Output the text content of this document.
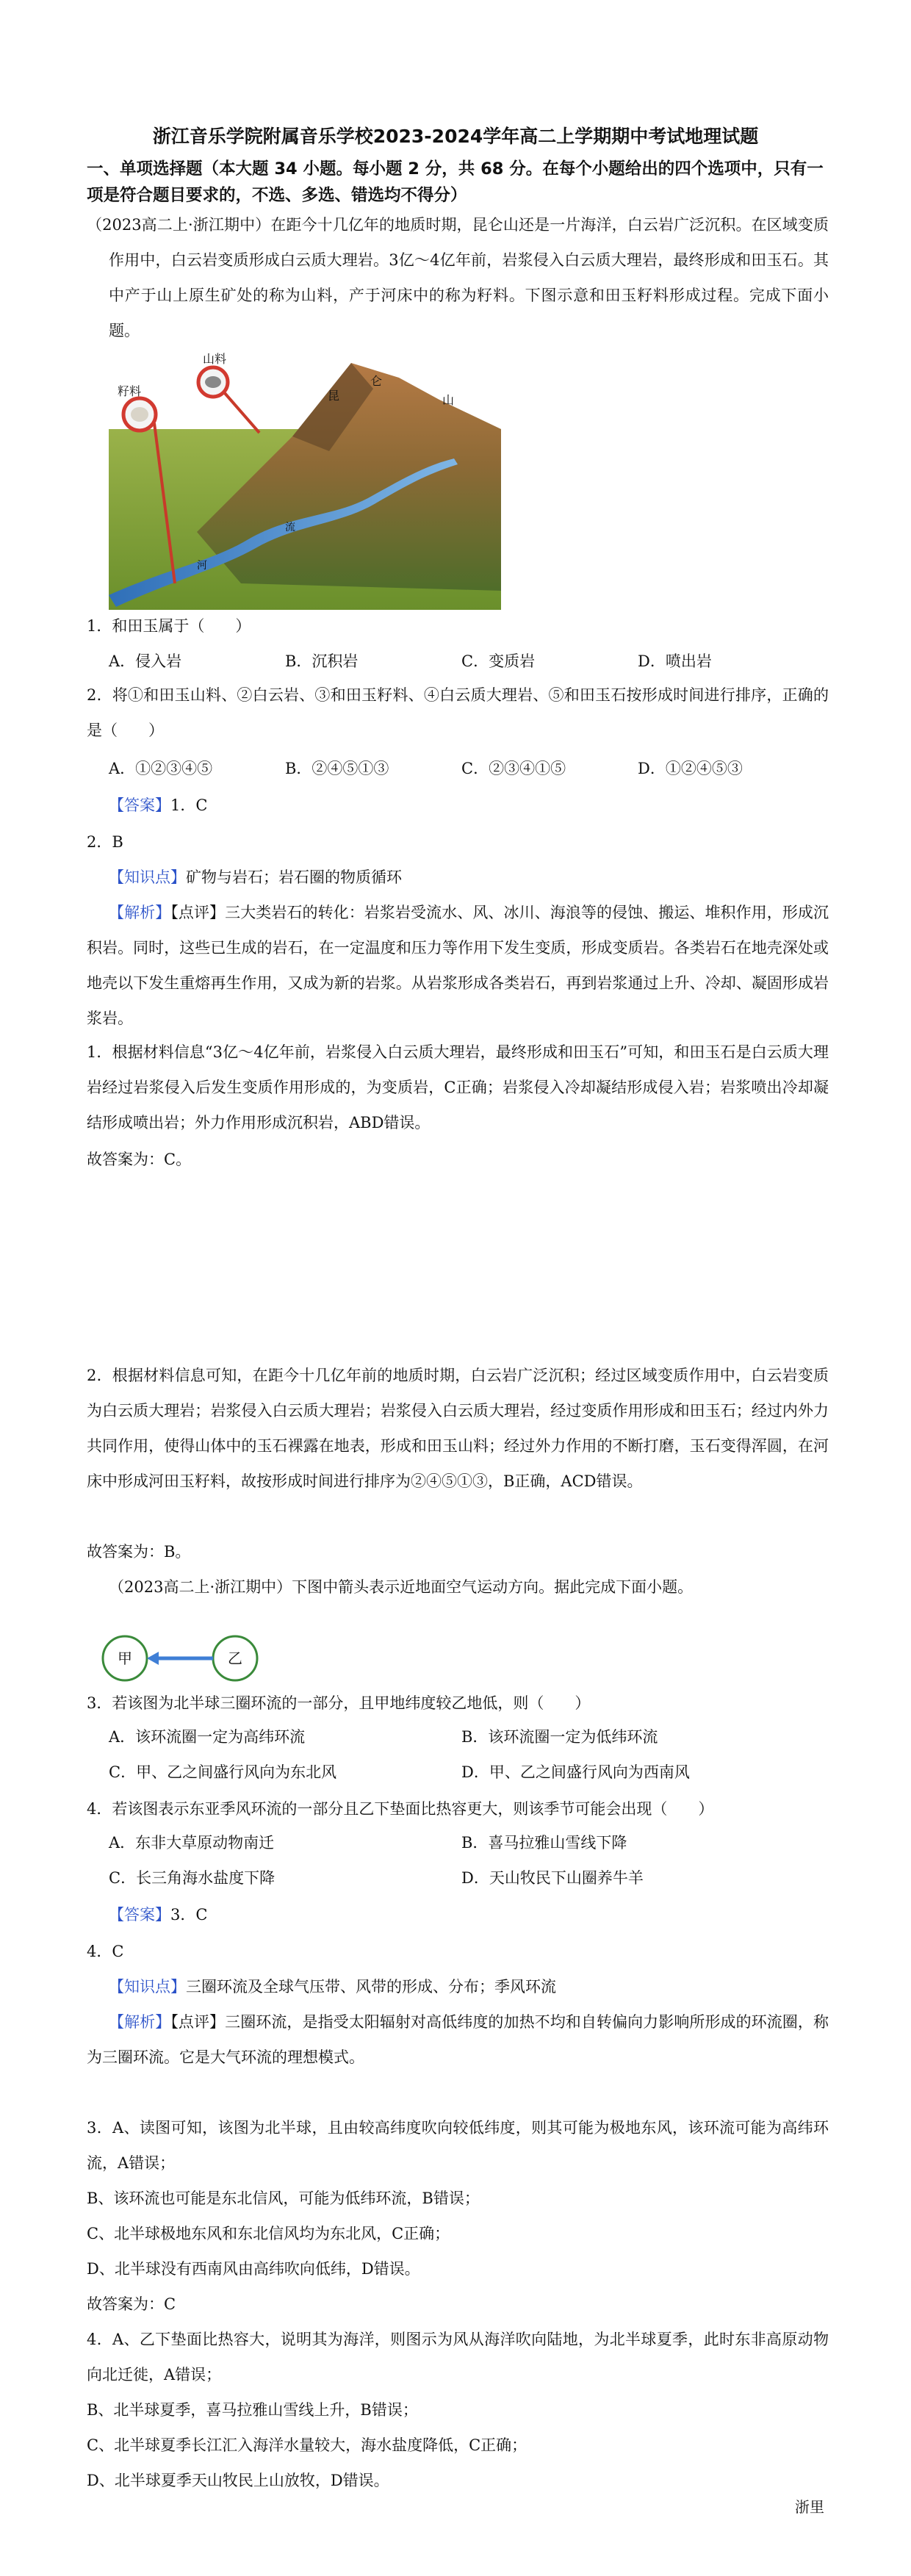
浙江音乐学院附属音乐学校2023-2024学年高二上学期期中考试地理试题
一、单项选择题（本大题 34 小题。每小题 2 分，共 68 分。在每个小题给出的四个选项中，只有一项是符合题目要求的，不选、多选、错选均不得分）
（2023高二上·浙江期中）在距今十几亿年的地质时期，昆仑山还是一片海洋，白云岩广泛沉积。在区域变质作用中，白云岩变质形成白云质大理岩。3亿～4亿年前，岩浆侵入白云质大理岩，最终形成和田玉石。其中产于山上原生矿处的称为山料，产于河床中的称为籽料。下图示意和田玉籽料形成过程。完成下面小题。
山料
籽料	昆
仑
山
流
河
1．和田玉属于（　　）
A．侵入岩	B．沉积岩	C．变质岩	D．喷出岩
2．将①和田玉山料、②白云岩、③和田玉籽料、④白云质大理岩、⑤和田玉石按形成时间进行排序，正确的是（　　）
A．①②③④⑤	B．②④⑤①③	C．②③④①⑤	D．①②④⑤③
【答案】1．C
2．B
【知识点】矿物与岩石；岩石圈的物质循环
【解析】【点评】三大类岩石的转化：岩浆岩受流水、风、冰川、海浪等的侵蚀、搬运、堆积作用，形成沉积岩。同时，这些已生成的岩石，在一定温度和压力等作用下发生变质，形成变质岩。各类岩石在地壳深处或地壳以下发生重熔再生作用，又成为新的岩浆。从岩浆形成各类岩石，再到岩浆通过上升、冷却、凝固形成岩浆岩。
1．根据材料信息“3亿～4亿年前，岩浆侵入白云质大理岩，最终形成和田玉石”可知，和田玉石是白云质大理岩经过岩浆侵入后发生变质作用形成的，为变质岩，C正确；岩浆侵入冷却凝结形成侵入岩；岩浆喷出冷却凝结形成喷出岩；外力作用形成沉积岩，ABD错误。
故答案为：C。
2．根据材料信息可知，在距今十几亿年前的地质时期，白云岩广泛沉积；经过区域变质作用中，白云岩变质为白云质大理岩；岩浆侵入白云质大理岩；岩浆侵入白云质大理岩，经过变质作用形成和田玉石；经过内外力共同作用，使得山体中的玉石裸露在地表，形成和田玉山料；经过外力作用的不断打磨，玉石变得浑圆，在河床中形成河田玉籽料，故按形成时间进行排序为②④⑤①③，B正确，ACD错误。
故答案为：B。
（2023高二上·浙江期中）下图中箭头表示近地面空气运动方向。据此完成下面小题。
甲	乙
3．若该图为北半球三圈环流的一部分，且甲地纬度较乙地低，则（　　）
A．该环流圈一定为高纬环流	B．该环流圈一定为低纬环流
C．甲、乙之间盛行风向为东北风	D．甲、乙之间盛行风向为西南风
4．若该图表示东亚季风环流的一部分且乙下垫面比热容更大，则该季节可能会出现（　　）
A．东非大草原动物南迁	B．喜马拉雅山雪线下降
C．长三角海水盐度下降	D．天山牧民下山圈养牛羊
【答案】3．C
4．C
【知识点】三圈环流及全球气压带、风带的形成、分布；季风环流
【解析】【点评】三圈环流，是指受太阳辐射对高低纬度的加热不均和自转偏向力影响所形成的环流圈，称为三圈环流。它是大气环流的理想模式。
3．A、读图可知，该图为北半球，且由较高纬度吹向较低纬度，则其可能为极地东风，该环流可能为高纬环流，A错误；
B、该环流也可能是东北信风，可能为低纬环流，B错误；
C、北半球极地东风和东北信风均为东北风，C正确；
D、北半球没有西南风由高纬吹向低纬，D错误。
故答案为：C
4．A、乙下垫面比热容大，说明其为海洋，则图示为风从海洋吹向陆地，为北半球夏季，此时东非高原动物向北迁徙，A错误；
B、北半球夏季，喜马拉雅山雪线上升，B错误；
C、北半球夏季长江汇入海洋水量较大，海水盐度降低，C正确；
D、北半球夏季天山牧民上山放牧，D错误。
浙里
